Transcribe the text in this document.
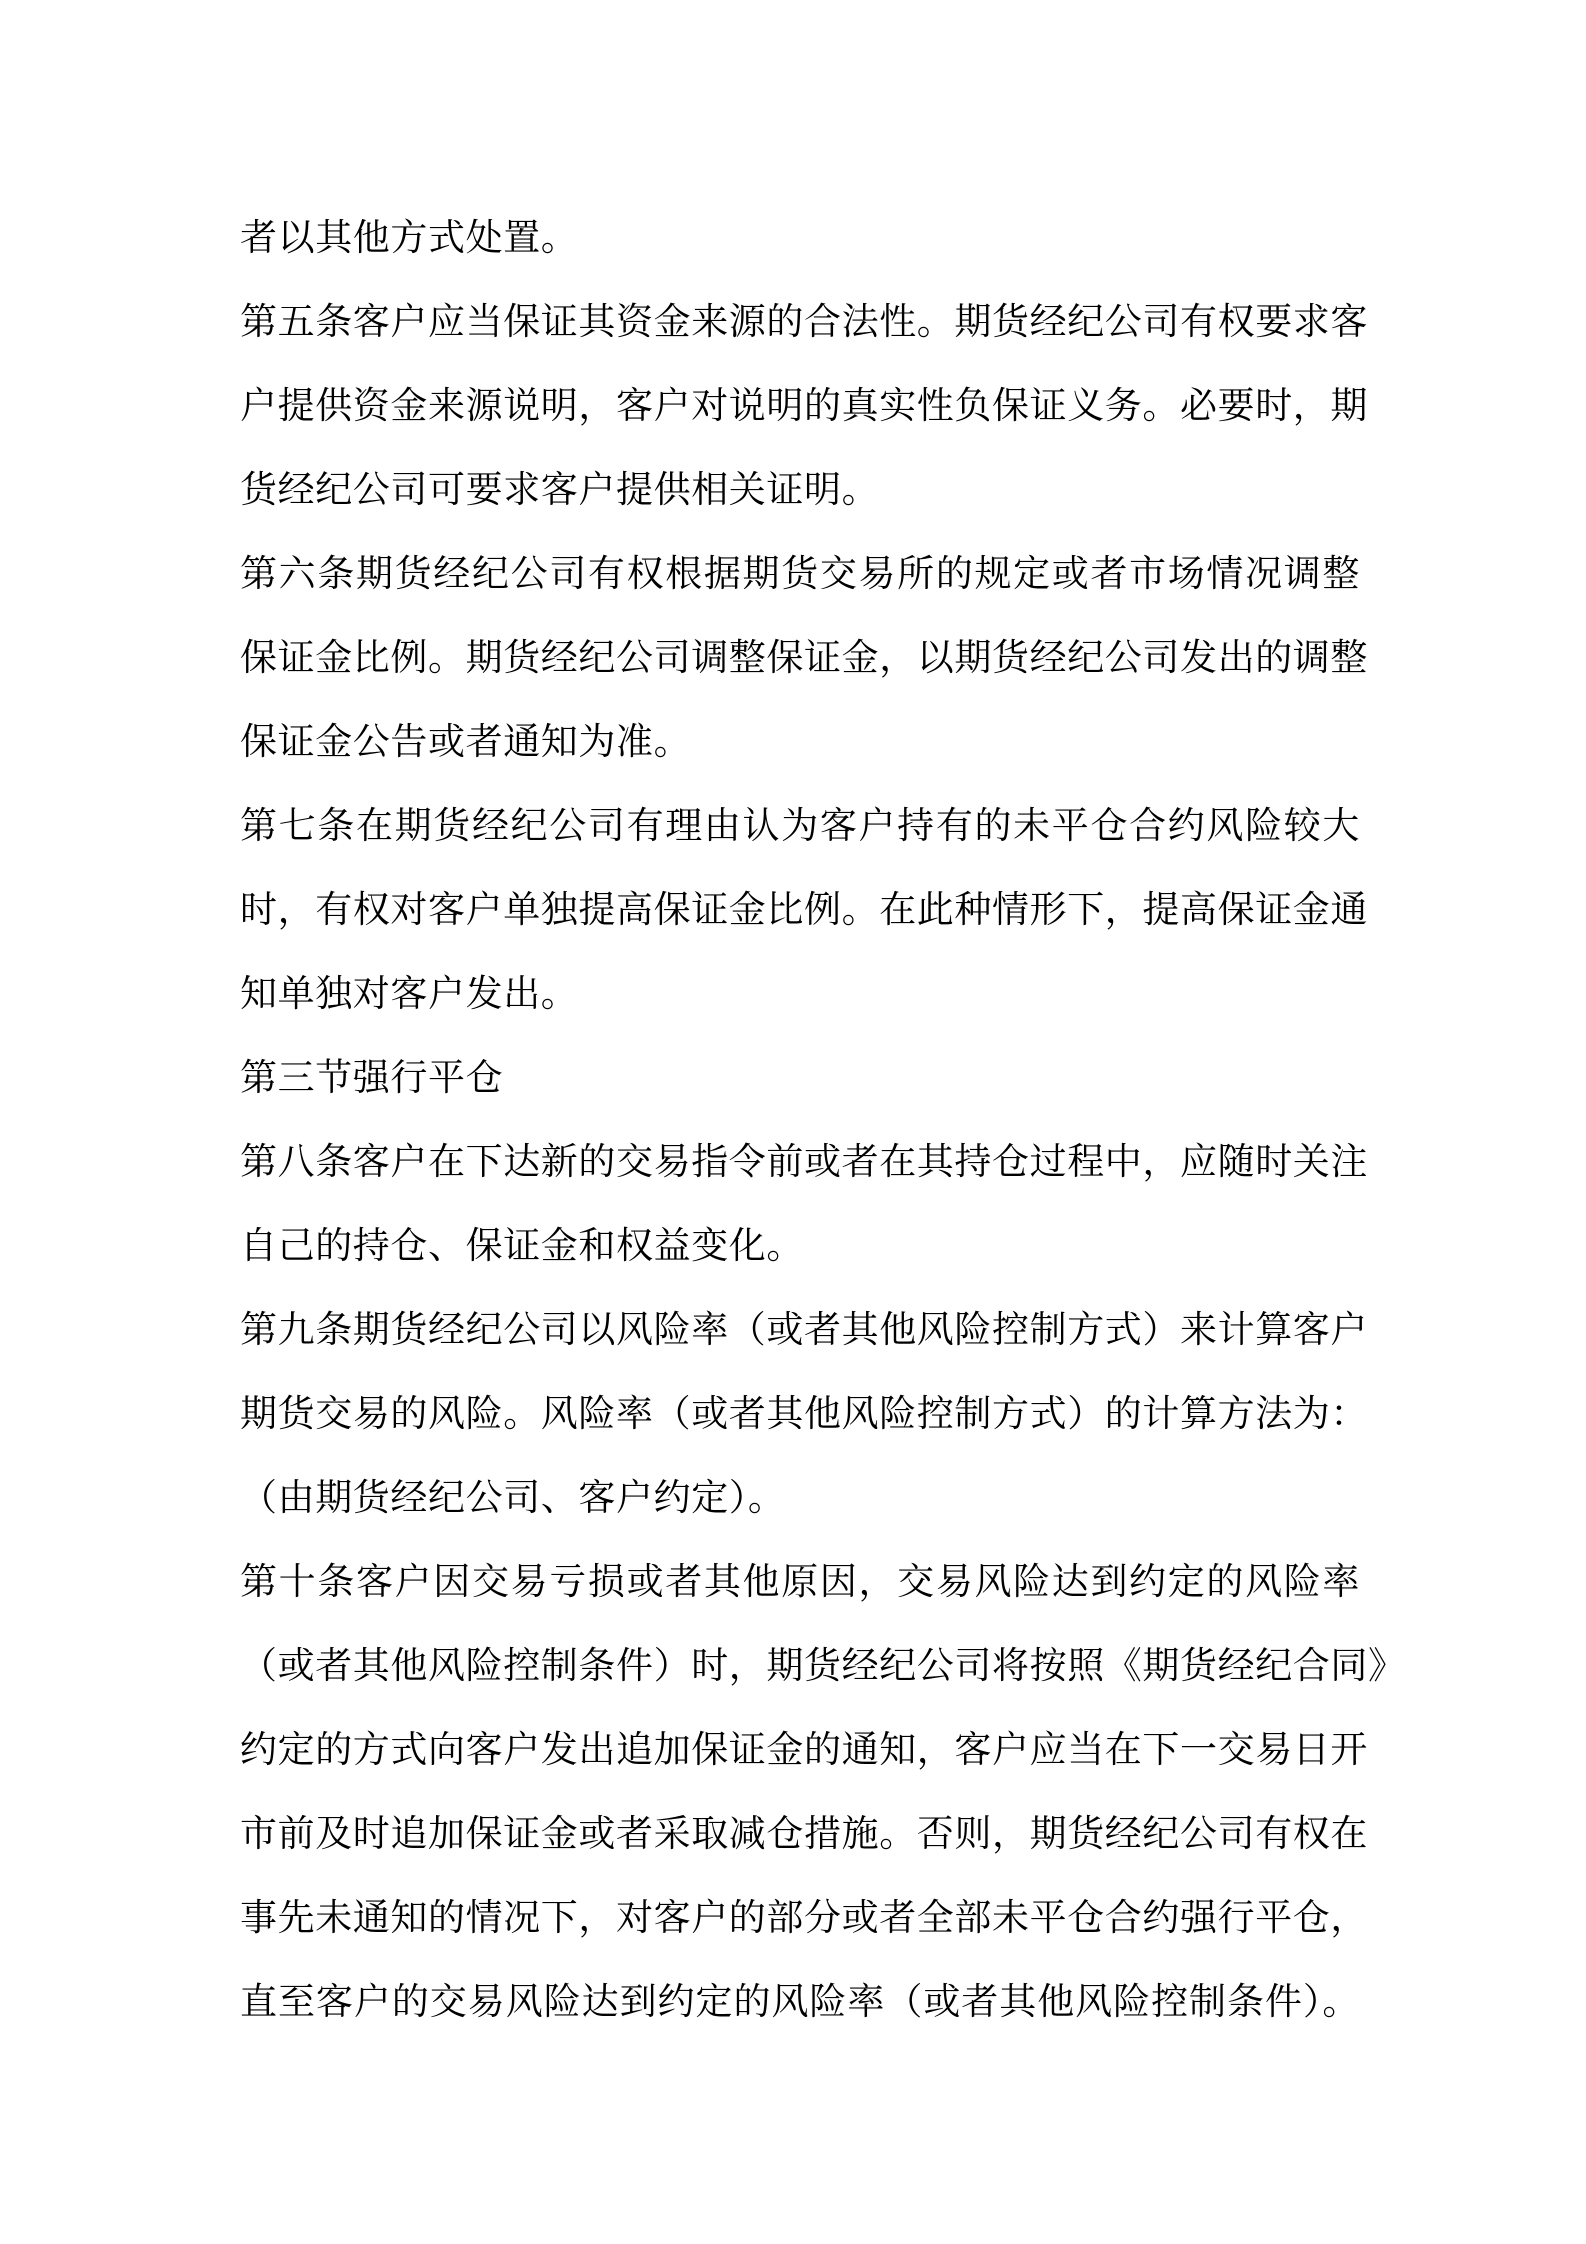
者以其他方式处置。
第五条客户应当保证其资金来源的合法性。期货经纪公司有权要求客
户提供资金来源说明，客户对说明的真实性负保证义务。必要时，期
货经纪公司可要求客户提供相关证明。
第六条期货经纪公司有权根据期货交易所的规定或者市场情况调整
保证金比例。期货经纪公司调整保证金，以期货经纪公司发出的调整
保证金公告或者通知为准。
第七条在期货经纪公司有理由认为客户持有的未平仓合约风险较大
时，有权对客户单独提高保证金比例。在此种情形下，提高保证金通
知单独对客户发出。
第三节强行平仓
第八条客户在下达新的交易指令前或者在其持仓过程中，应随时关注
自己的持仓、保证金和权益变化。
第九条期货经纪公司以风险率（或者其他风险控制方式）来计算客户
期货交易的风险。风险率（或者其他风险控制方式）的计算方法为：
（由期货经纪公司、客户约定）。
第十条客户因交易亏损或者其他原因，交易风险达到约定的风险率
（或者其他风险控制条件）时，期货经纪公司将按照《期货经纪合同》
约定的方式向客户发出追加保证金的通知，客户应当在下一交易日开
市前及时追加保证金或者采取减仓措施。否则，期货经纪公司有权在
事先未通知的情况下，对客户的部分或者全部未平仓合约强行平仓，
直至客户的交易风险达到约定的风险率（或者其他风险控制条件）。
